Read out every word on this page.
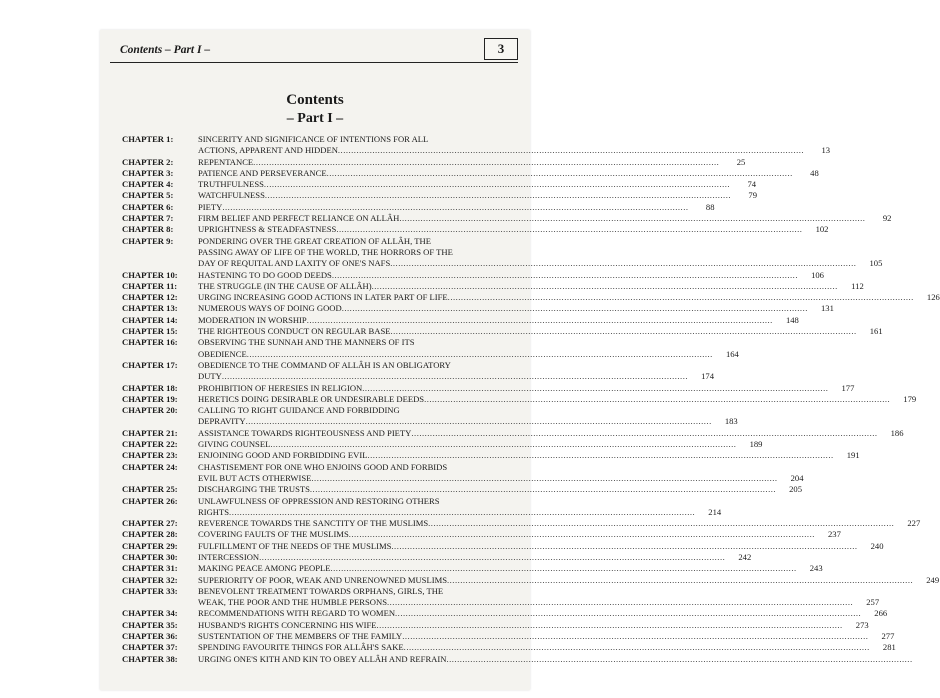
Contents – Part I –	3
Contents
– Part I –
CHAPTER 1:	SINCERITY AND SIGNIFICANCE OF INTENTIONS FOR ALL
ACTIONS, APPARENT AND HIDDEN .....	13
CHAPTER 2:	REPENTANCE .....	25
CHAPTER 3:	PATIENCE AND PERSEVERANCE .....	48
CHAPTER 4:	TRUTHFULNESS .....	74
CHAPTER 5:	WATCHFULNESS .....	79
CHAPTER 6:	PIETY .....	88
CHAPTER 7:	FIRM BELIEF AND PERFECT RELIANCE ON ALLÂH .....	92
CHAPTER 8:	UPRIGHTNESS & STEADFASTNESS .....	102
CHAPTER 9:	PONDERING OVER THE GREAT CREATION OF ALLÂH, THE
PASSING AWAY OF LIFE OF THE WORLD, THE HORRORS OF THE
DAY OF REQUITAL AND LAXITY OF ONE'S NAFS .....	105
CHAPTER 10:	HASTENING TO DO GOOD DEEDS .....	106
CHAPTER 11:	THE STRUGGLE (IN THE CAUSE OF ALLÂH) .....	112
CHAPTER 12:	URGING INCREASING GOOD ACTIONS IN LATER PART OF LIFE .....	126
CHAPTER 13:	NUMEROUS WAYS OF DOING GOOD .....	131
CHAPTER 14:	MODERATION IN WORSHIP .....	148
CHAPTER 15:	THE RIGHTEOUS CONDUCT ON REGULAR BASE .....	161
CHAPTER 16:	OBSERVING THE SUNNAH AND THE MANNERS OF ITS
OBEDIENCE .....	164
CHAPTER 17:	OBEDIENCE TO THE COMMAND OF ALLÂH IS AN OBLIGATORY
DUTY .....	174
CHAPTER 18:	PROHIBITION OF HERESIES IN RELIGION .....	177
CHAPTER 19:	HERETICS DOING DESIRABLE OR UNDESIRABLE DEEDS .....	179
CHAPTER 20:	CALLING TO RIGHT GUIDANCE AND FORBIDDING
DEPRAVITY .....	183
CHAPTER 21:	ASSISTANCE TOWARDS RIGHTEOUSNESS AND PIETY .....	186
CHAPTER 22:	GIVING COUNSEL .....	189
CHAPTER 23:	ENJOINING GOOD AND FORBIDDING EVIL .....	191
CHAPTER 24:	CHASTISEMENT FOR ONE WHO ENJOINS GOOD AND FORBIDS
EVIL BUT ACTS OTHERWISE .....	204
CHAPTER 25:	DISCHARGING THE TRUSTS .....	205
CHAPTER 26:	UNLAWFULNESS OF OPPRESSION AND RESTORING OTHERS
RIGHTS .....	214
CHAPTER 27:	REVERENCE TOWARDS THE SANCTITY OF THE MUSLIMS .....	227
CHAPTER 28:	COVERING FAULTS OF THE MUSLIMS .....	237
CHAPTER 29:	FULFILLMENT OF THE NEEDS OF THE MUSLIMS .....	240
CHAPTER 30:	INTERCESSION .....	242
CHAPTER 31:	MAKING PEACE AMONG PEOPLE .....	243
CHAPTER 32:	SUPERIORITY OF POOR, WEAK AND UNRENOWNED MUSLIMS .....	249
CHAPTER 33:	BENEVOLENT TREATMENT TOWARDS ORPHANS, GIRLS, THE
WEAK, THE POOR AND THE HUMBLE PERSONS .....	257
CHAPTER 34:	RECOMMENDATIONS WITH REGARD TO WOMEN .....	266
CHAPTER 35:	HUSBAND'S RIGHTS CONCERNING HIS WIFE .....	273
CHAPTER 36:	SUSTENTATION OF THE MEMBERS OF THE FAMILY .....	277
CHAPTER 37:	SPENDING FAVOURITE THINGS FOR ALLÂH'S SAKE .....	281
CHAPTER 38:	URGING ONE'S KITH AND KIN TO OBEY ALLÂH AND REFRAIN
.....
